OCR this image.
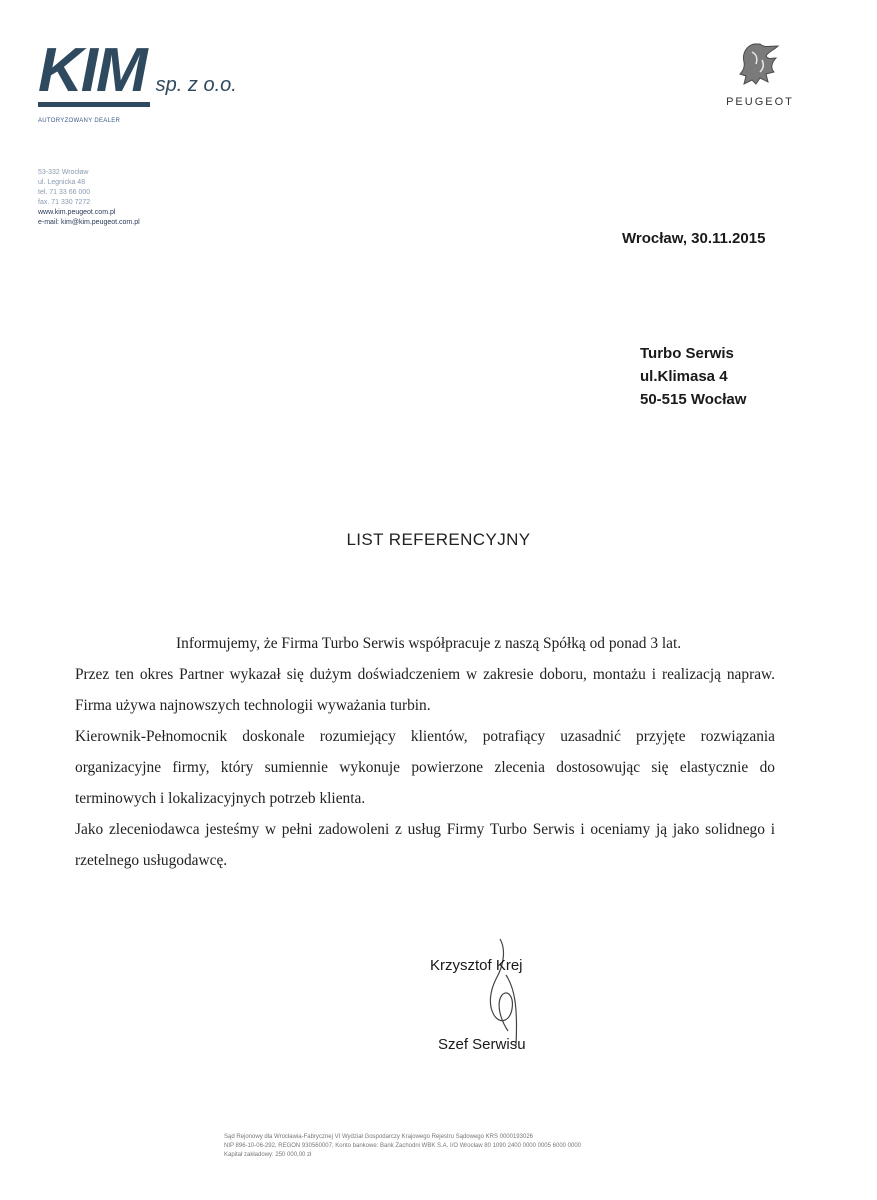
KIM sp. z o.o.
AUTORYZOWANY DEALER
53-332 Wrocław
ul. Legnicka 48
tel. 71 33 66 000
fax. 71 330 7272
www.kim.peugeot.com.pl
e-mail: kim@kim.peugeot.com.pl
PEUGEOT
Wrocław, 30.11.2015
Turbo Serwis
ul.Klimasa 4
50-515 Wocław
LIST REFERENCYJNY

Informujemy, że Firma Turbo Serwis współpracuje z naszą Spółką od ponad 3 lat.

Przez ten okres Partner wykazał się dużym doświadczeniem w zakresie doboru, montażu i realizacją napraw. Firma używa najnowszych technologii wyważania turbin.

Kierownik-Pełnomocnik doskonale rozumiejący klientów, potrafiący uzasadnić przyjęte rozwiązania organizacyjne firmy, który sumiennie wykonuje powierzone zlecenia dostosowując się elastycznie do terminowych i lokalizacyjnych potrzeb klienta.

Jako zleceniodawca jesteśmy w pełni zadowoleni z usług Firmy Turbo Serwis i oceniamy ją jako solidnego i rzetelnego usługodawcę.

Krzysztof Krej
Szef Serwisu
Sąd Rejonowy dla Wrocławia-Fabrycznej VI Wydział Gospodarczy Krajowego Rejestru Sądowego KRS 0000193026
NIP 896-10-06-292, REGON 930560007, Konto bankowe: Bank Zachodni WBK S.A. I/O Wrocław 80 1090 2400 0000 0005 6000 0000
Kapitał zakładowy: 250 000,00 zł
